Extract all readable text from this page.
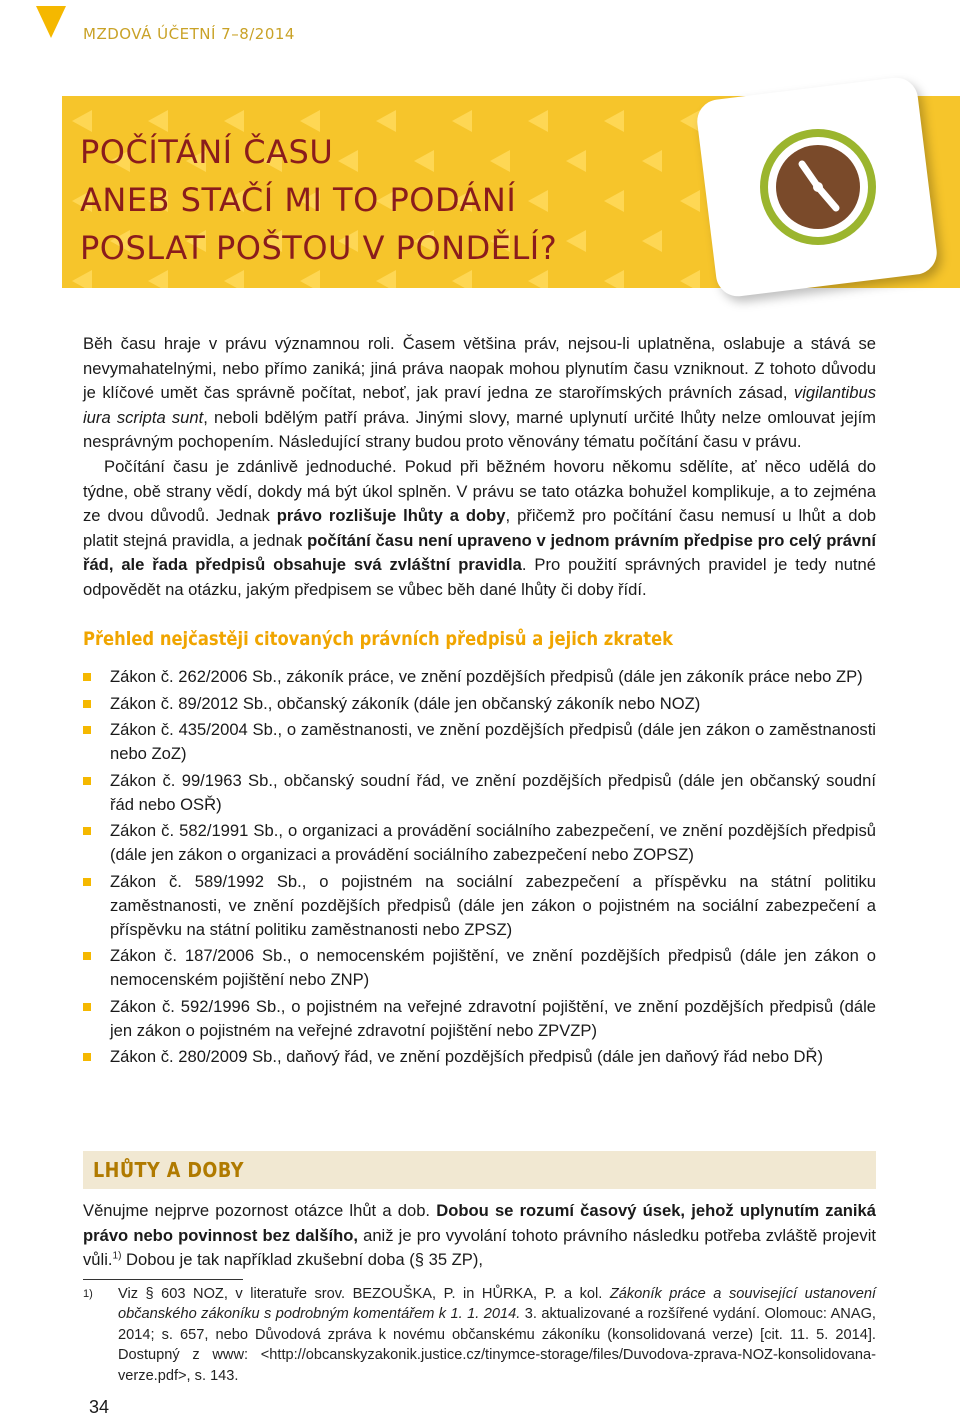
MZDOVÁ ÚČETNÍ 7–8/2014
POČÍTÁNÍ ČASU
ANEB STAČÍ MI TO PODÁNÍ
POSLAT POŠTOU V PONDĚLÍ?

Běh času hraje v právu významnou roli. Časem většina práv, nejsou-li uplatněna, oslabuje a stává se nevymahatelnými, nebo přímo zaniká; jiná práva naopak mohou plynutím času vzniknout. Z tohoto důvodu je klíčové umět čas správně počítat, neboť, jak praví jedna ze starořímských právních zásad, vigilantibus iura scripta sunt, neboli bdělým patří práva. Jinými slovy, marné uplynutí určité lhůty nelze omlouvat jejím nesprávným pochopením. Následující strany budou proto věnovány tématu počítání času v právu.

Počítání času je zdánlivě jednoduché. Pokud při běžném hovoru někomu sdělíte, ať něco udělá do týdne, obě strany vědí, dokdy má být úkol splněn. V právu se tato otázka bohužel komplikuje, a to zejména ze dvou důvodů. Jednak právo rozlišuje lhůty a doby, přičemž pro počítání času nemusí u lhůt a dob platit stejná pravidla, a jednak počítání času není upraveno v jednom právním předpise pro celý právní řád, ale řada předpisů obsahuje svá zvláštní pravidla. Pro použití správných pravidel je tedy nutné odpovědět na otázku, jakým předpisem se vůbec běh dané lhůty či doby řídí.

Přehled nejčastěji citovaných právních předpisů a jejich zkratek
Zákon č. 262/2006 Sb., zákoník práce, ve znění pozdějších předpisů (dále jen zákoník práce nebo ZP)
Zákon č. 89/2012 Sb., občanský zákoník (dále jen občanský zákoník nebo NOZ)
Zákon č. 435/2004 Sb., o zaměstnanosti, ve znění pozdějších předpisů (dále jen zákon o zaměstnanosti nebo ZoZ)
Zákon č. 99/1963 Sb., občanský soudní řád, ve znění pozdějších předpisů (dále jen občanský soudní řád nebo OSŘ)
Zákon č. 582/1991 Sb., o organizaci a provádění sociálního zabezpečení, ve znění pozdějších předpisů (dále jen zákon o organizaci a provádění sociálního zabezpečení nebo ZOPSZ)
Zákon č. 589/1992 Sb., o pojistném na sociální zabezpečení a příspěvku na státní politiku zaměstnanosti, ve znění pozdějších předpisů (dále jen zákon o pojistném na sociální zabezpečení a příspěvku na státní politiku zaměstnanosti nebo ZPSZ)
Zákon č. 187/2006 Sb., o nemocenském pojištění, ve znění pozdějších předpisů (dále jen zákon o nemocenském pojištění nebo ZNP)
Zákon č. 592/1996 Sb., o pojistném na veřejné zdravotní pojištění, ve znění pozdějších předpisů (dále jen zákon o pojistném na veřejné zdravotní pojištění nebo ZPVZP)
Zákon č. 280/2009 Sb., daňový řád, ve znění pozdějších předpisů (dále jen daňový řád nebo DŘ)
LHŮTY A DOBY

Věnujme nejprve pozornost otázce lhůt a dob. Dobou se rozumí časový úsek, jehož uplynutím zaniká právo nebo povinnost bez dalšího, aniž je pro vyvolání tohoto právního následku potřeba zvláště projevit vůli.$^{1)}$ Dobou je tak například zkušební doba (§ 35 ZP),

1) Viz § 603 NOZ, v literatuře srov. BEZOUŠKA, P. in HŮRKA, P. a kol. Zákoník práce a související ustanovení občanského zákoníku s podrobným komentářem k 1. 1. 2014. 3. aktualizované a rozšířené vydání. Olomouc: ANAG, 2014; s. 657, nebo Důvodová zpráva k novému občanskému zákoníku (konsolidovaná verze) [cit. 11. 5. 2014]. Dostupný z www: <http://obcanskyzakonik.justice.cz/tinymce-storage/files/Duvodova-zprava-NOZ-konsolidovana-verze.pdf>, s. 143.

34
